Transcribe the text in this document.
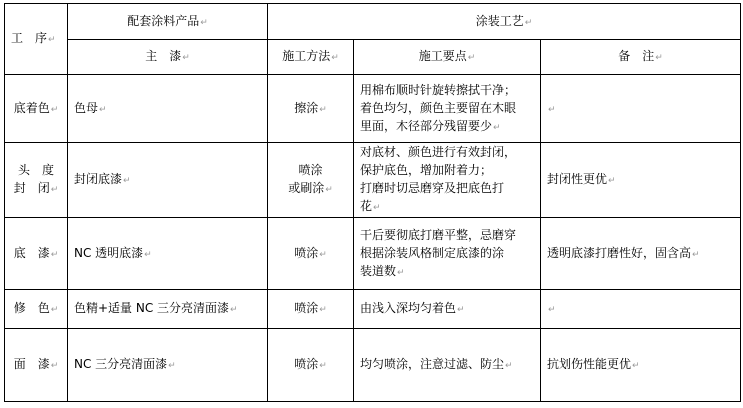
工　序↵	配套涂料产品↵	涂装工艺↵		
	主　漆↵	施工方法↵	施工要点↵	备　注↵
底着色↵	色母↵	擦涂↵	用棉布顺时针旋转擦拭干净；
着色均匀，颜色主要留在木眼
里面，木径部分残留要少↵	↵
头　度
封　闭↵	封闭底漆↵	喷涂
或刷涂↵	对底材、颜色进行有效封闭，
保护底色，增加附着力；
打磨时切忌磨穿及把底色打
花↵	封闭性更优↵
底　漆↵	NC 透明底漆↵	喷涂↵	干后要彻底打磨平整，忌磨穿
根据涂装风格制定底漆的涂
装道数↵	透明底漆打磨性好，固含高↵
修　色↵	色精+适量 NC 三分亮清面漆↵	喷涂↵	由浅入深均匀着色↵	↵
面　漆↵	NC 三分亮清面漆↵	喷涂↵	均匀喷涂，注意过滤、防尘↵	抗划伤性能更优↵
